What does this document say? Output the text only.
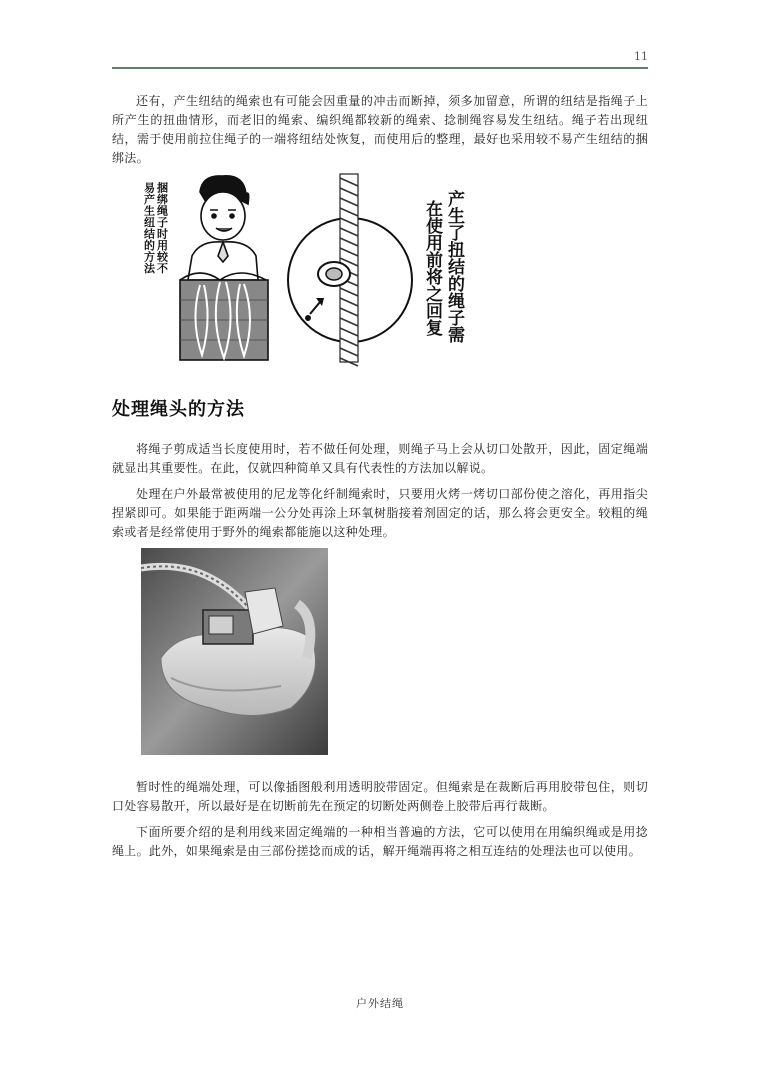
11

还有，产生纽结的绳索也有可能会因重量的冲击而断掉，须多加留意，所谓的纽结是指绳子上所产生的扭曲情形，而老旧的绳索、编织绳都较新的绳索、捻制绳容易发生纽结。绳子若出现纽结，需于使用前拉住绳子的一端将纽结处恢复，而使用后的整理，最好也采用较不易产生纽结的捆绑法。

捆绑绳子时用较不
易产生纽结的方法
产生了扭结的绳子需
在使用前将之回复
处理绳头的方法

将绳子剪成适当长度使用时，若不做任何处理，则绳子马上会从切口处散开，因此，固定绳端就显出其重要性。在此，仅就四种简单又具有代表性的方法加以解说。

处理在户外最常被使用的尼龙等化纤制绳索时，只要用火烤一烤切口部份使之溶化，再用指尖捏紧即可。如果能于距两端一公分处再涂上环氧树脂接着剂固定的话，那么将会更安全。较粗的绳索或者是经常使用于野外的绳索都能施以这种处理。

暂时性的绳端处理，可以像插图般利用透明胶带固定。但绳索是在裁断后再用胶带包住，则切口处容易散开，所以最好是在切断前先在预定的切断处两侧卷上胶带后再行裁断。

下面所要介绍的是利用线来固定绳端的一种相当普遍的方法，它可以使用在用编织绳或是用捻绳上。此外，如果绳索是由三部份搓捻而成的话，解开绳端再将之相互连结的处理法也可以使用。

户外结绳
